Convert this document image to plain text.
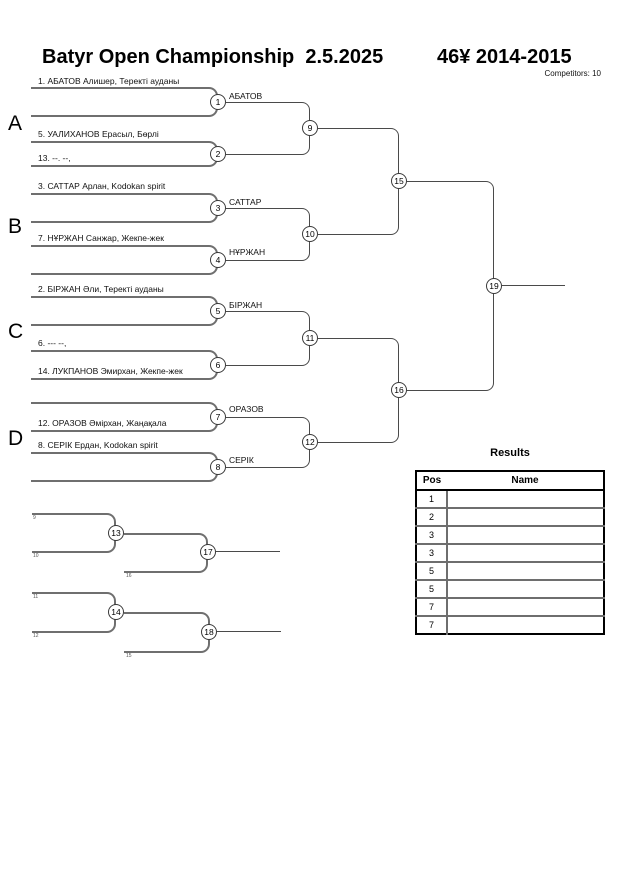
Batyr Open Championship  2.5.2025	46¥ 2014-2015
Competitors: 10
A
B
C
D
1. АБАТОВ Алишер, Теректі ауданы
5. УАЛИХАНОВ Ерасыл, Бөрлі
13. --. --,
3. САТТАР Арлан, Kodokan spirit
7. НҰРЖАН Санжар, Жекпе-жек
2. БІРЖАН Әли, Теректі ауданы
6. --- --,
14. ЛУКПАНОВ Эмирхан, Жекпе-жек
12. ОРАЗОВ Әмірхан, Жаңақала
8. СЕРІК Ердан, Kodokan spirit
1
2
3
4
5
6
7
8
АБАТОВ
САТТАР
НҰРЖАН
БІРЖАН
ОРАЗОВ
СЕРІК
9
10
11
12
15
16
19
13
9
10	17
16
14
11
12	18
15
Results
Pos	Name
1	
2	
3	
3	
5	
5	
7	
7	
